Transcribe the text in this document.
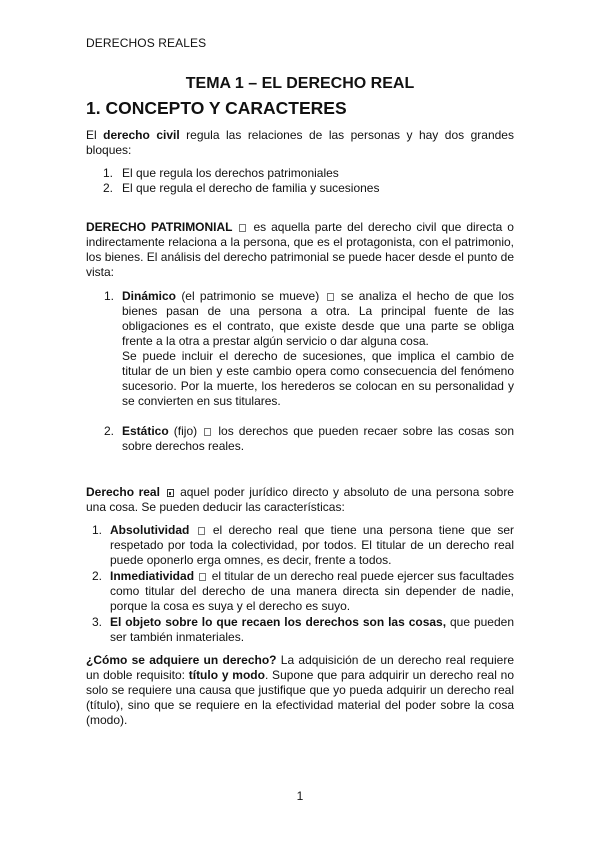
DERECHOS REALES
TEMA 1 – EL DERECHO REAL
1. CONCEPTO Y CARACTERES
El derecho civil regula las relaciones de las personas y hay dos grandes bloques:
1. El que regula los derechos patrimoniales
2. El que regula el derecho de familia y sucesiones
DERECHO PATRIMONIAL es aquella parte del derecho civil que directa o indirectamente relaciona a la persona, que es el protagonista, con el patrimonio, los bienes. El análisis del derecho patrimonial se puede hacer desde el punto de vista:
1. Dinámico (el patrimonio se mueve) se analiza el hecho de que los bienes pasan de una persona a otra. La principal fuente de las obligaciones es el contrato, que existe desde que una parte se obliga frente a la otra a prestar algún servicio o dar alguna cosa.
Se puede incluir el derecho de sucesiones, que implica el cambio de titular de un bien y este cambio opera como consecuencia del fenómeno sucesorio. Por la muerte, los herederos se colocan en su personalidad y se convierten en sus titulares.
2. Estático (fijo) los derechos que pueden recaer sobre las cosas son sobre derechos reales.
Derecho real aquel poder jurídico directo y absoluto de una persona sobre una cosa. Se pueden deducir las características:
1. Absolutividad el derecho real que tiene una persona tiene que ser respetado por toda la colectividad, por todos. El titular de un derecho real puede oponerlo erga omnes, es decir, frente a todos.
2. Inmediatividad el titular de un derecho real puede ejercer sus facultades como titular del derecho de una manera directa sin depender de nadie, porque la cosa es suya y el derecho es suyo.
3. El objeto sobre lo que recaen los derechos son las cosas, que pueden ser también inmateriales.
¿Cómo se adquiere un derecho? La adquisición de un derecho real requiere un doble requisito: título y modo. Supone que para adquirir un derecho real no solo se requiere una causa que justifique que yo pueda adquirir un derecho real (título), sino que se requiere en la efectividad material del poder sobre la cosa (modo).
1
